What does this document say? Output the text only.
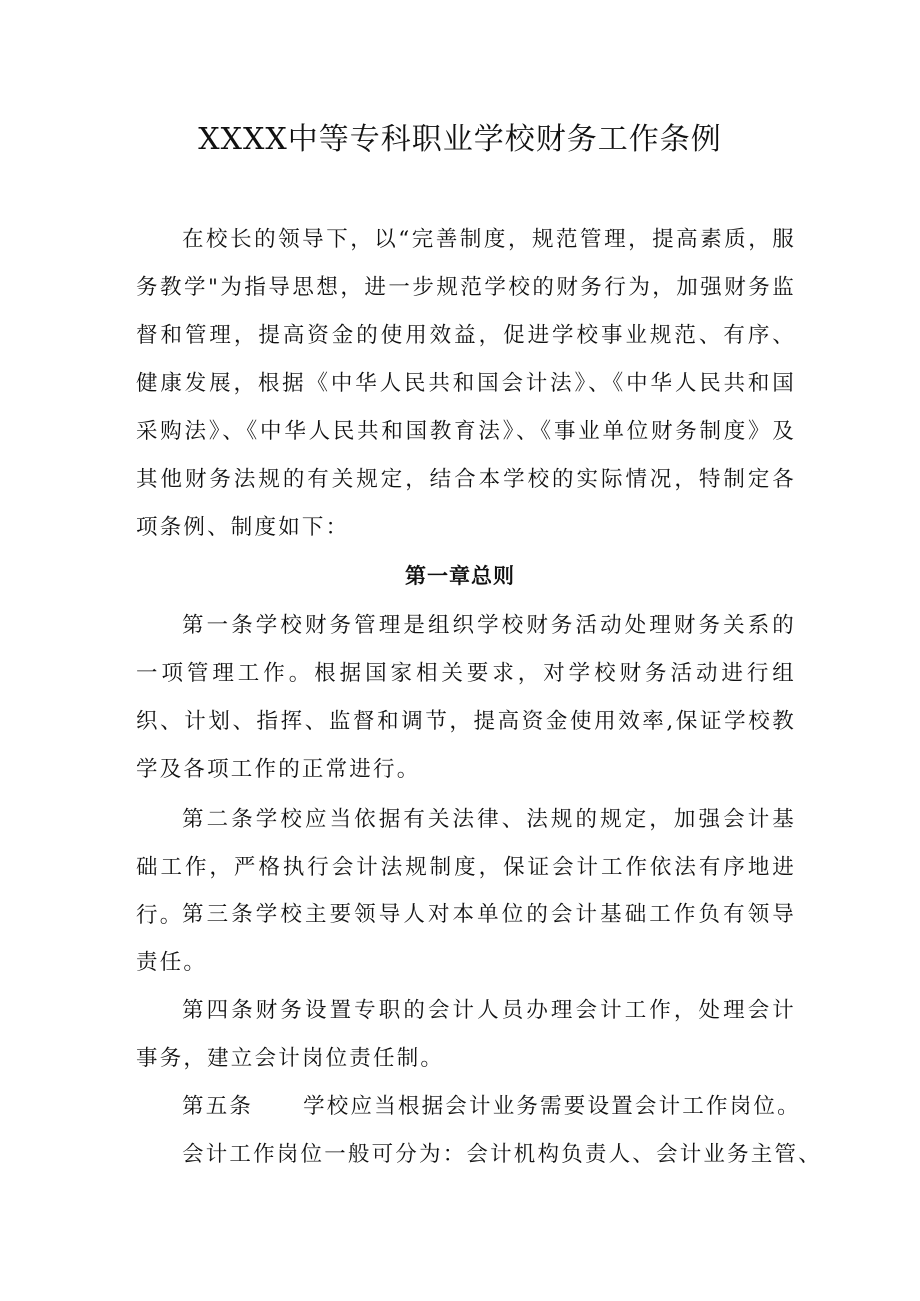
XXXX中等专科职业学校财务工作条例

在校长的领导下，以“完善制度，规范管理，提高素质，服务教学"为指导思想，进一步规范学校的财务行为，加强财务监督和管理，提高资金的使用效益，促进学校事业规范、有序、健康发展，根据《中华人民共和国会计法》、《中华人民共和国采购法》、《中华人民共和国教育法》、《事业单位财务制度》及其他财务法规的有关规定，结合本学校的实际情况，特制定各项条例、制度如下：

第一章总则

第一条学校财务管理是组织学校财务活动处理财务关系的一项管理工作。根据国家相关要求，对学校财务活动进行组织、计划、指挥、监督和调节，提高资金使用效率,保证学校教学及各项工作的正常进行。

第二条学校应当依据有关法律、法规的规定，加强会计基础工作，严格执行会计法规制度，保证会计工作依法有序地进行。

第三条学校主要领导人对本单位的会计基础工作负有领导责任。

第四条财务设置专职的会计人员办理会计工作，处理会计事务，建立会计岗位责任制。

第五条 学校应当根据会计业务需要设置会计工作岗位。

会计工作岗位一般可分为：会计机构负责人、会计业务主管、
